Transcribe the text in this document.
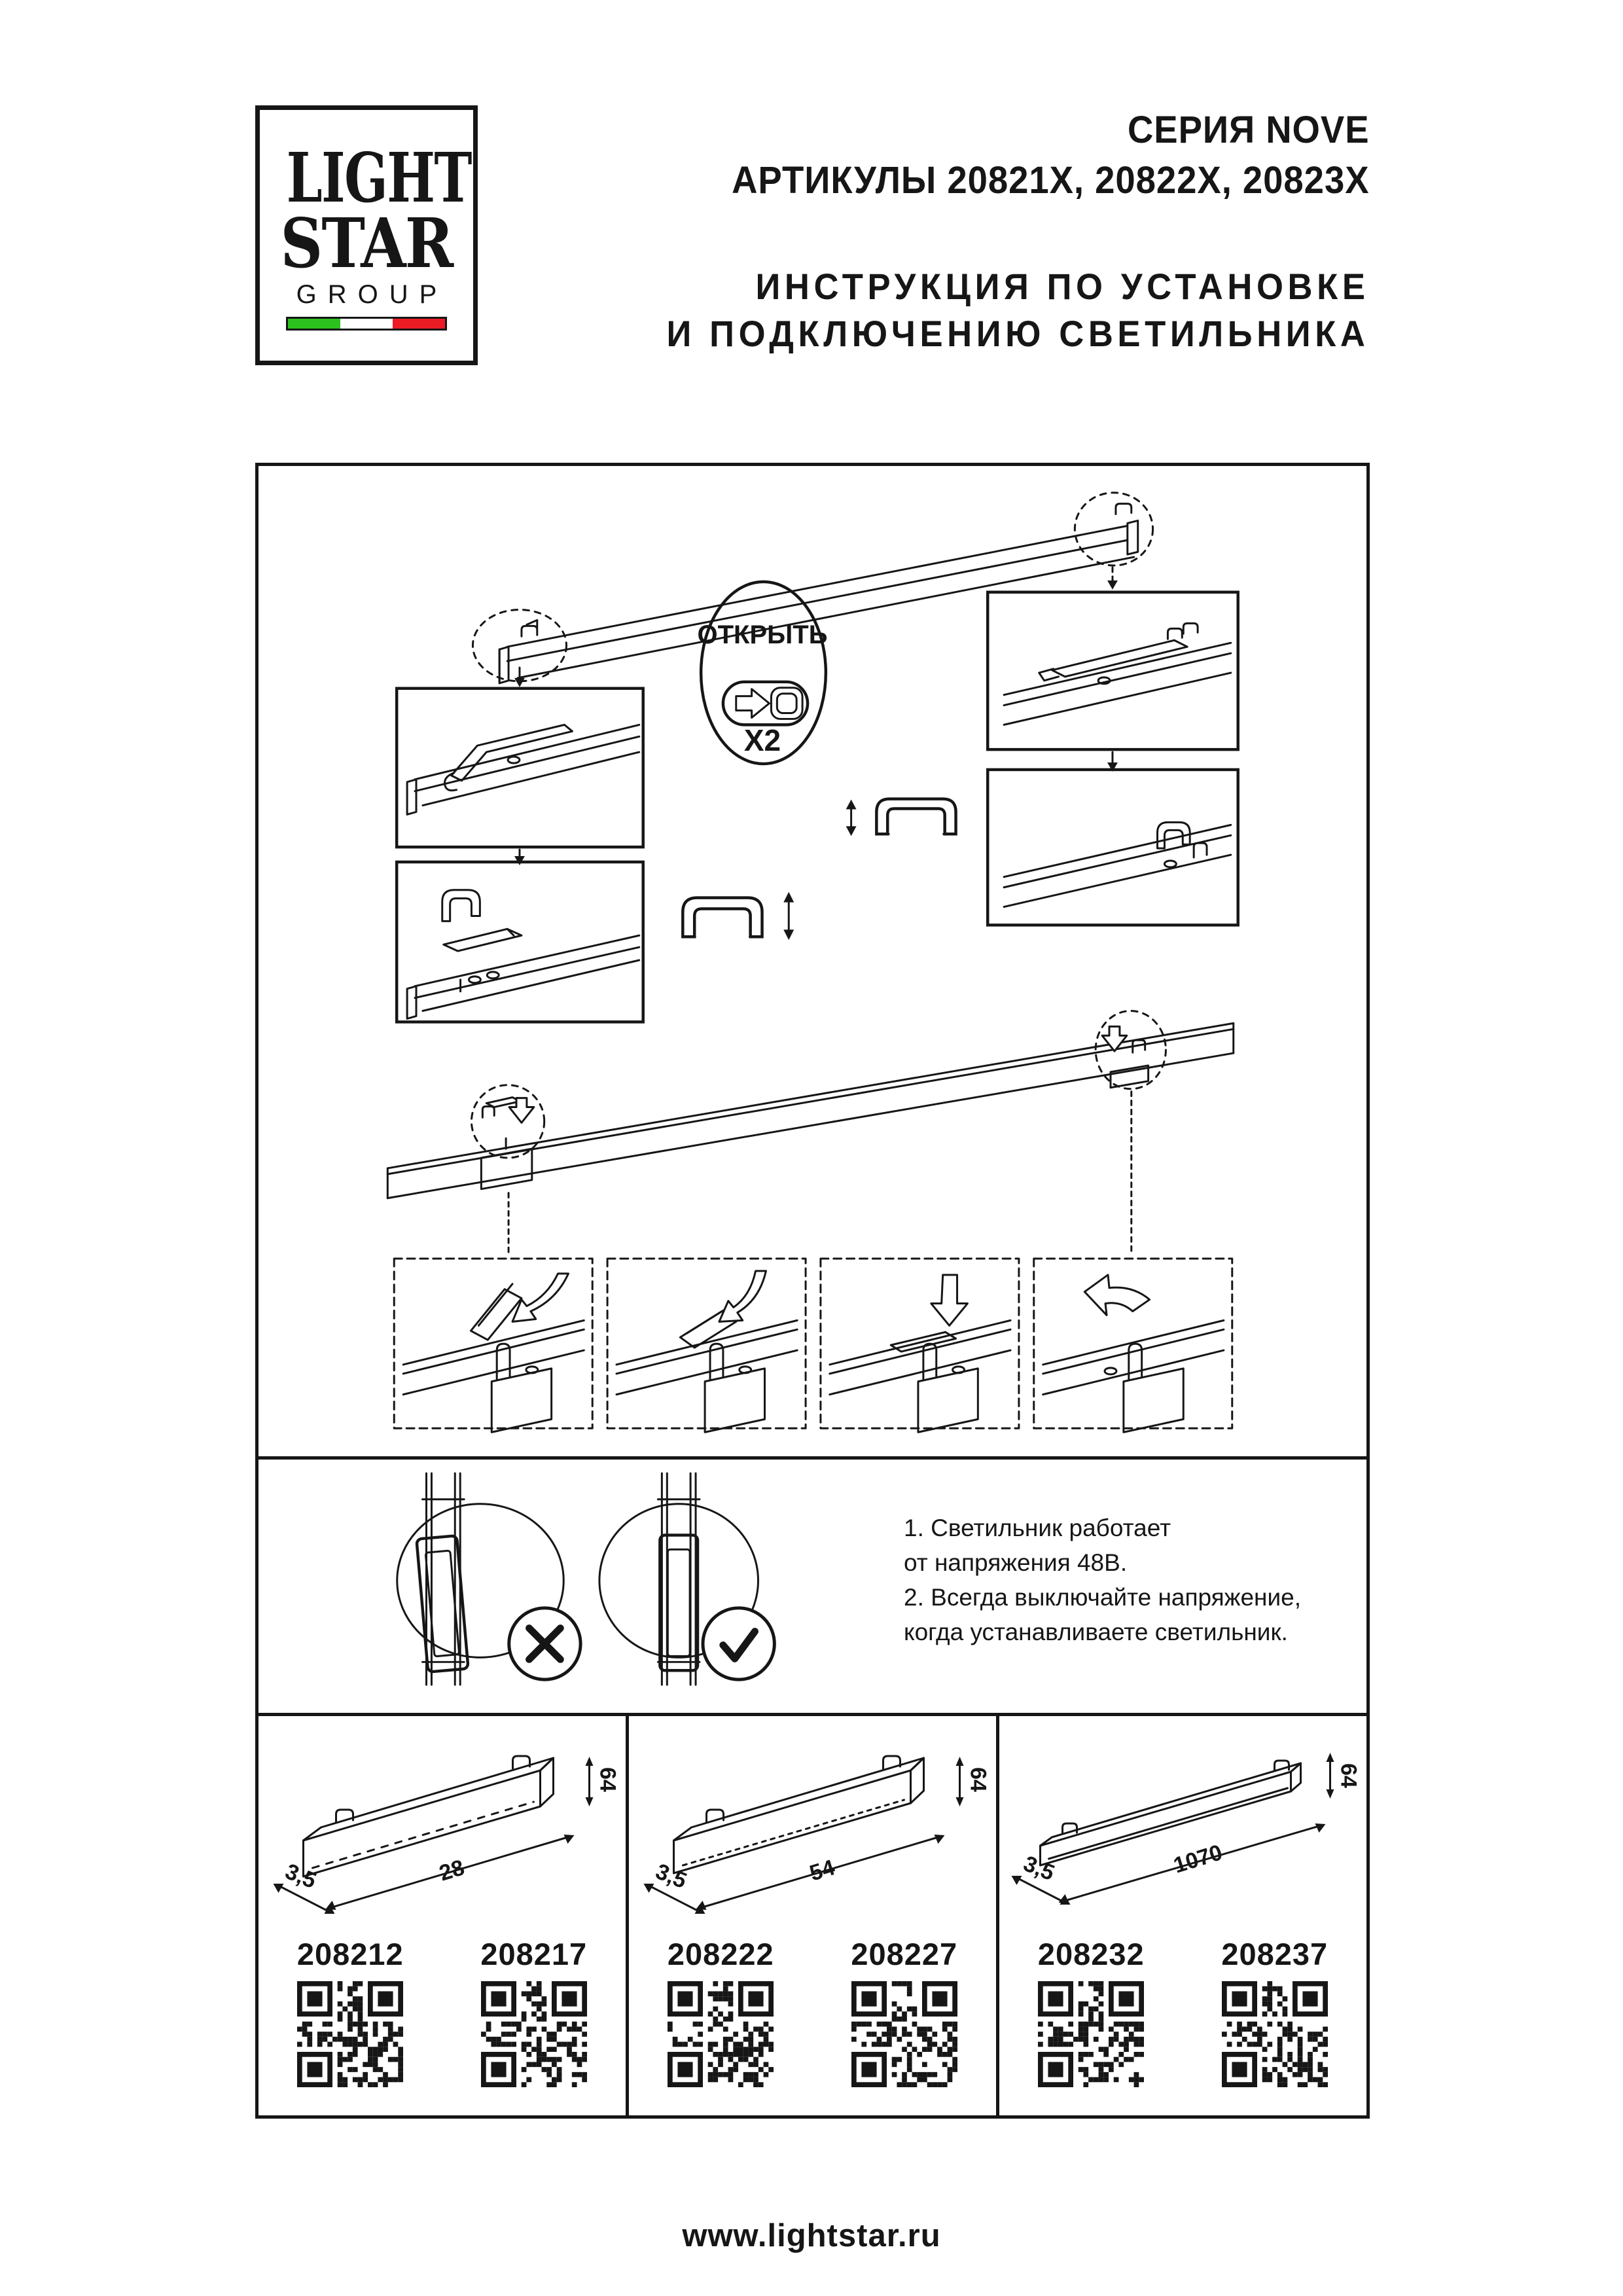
LIGHT
STAR
GROUP
СЕРИЯ NOVE
АРТИКУЛЫ 20821Х, 20822Х, 20823Х
ИНСТРУКЦИЯ ПО УСТАНОВКЕ
И ПОДКЛЮЧЕНИЮ СВЕТИЛЬНИКА
ОТКРЫТЬ
X2
1. Светильник работает
от напряжения 48В.
2. Всегда выключайте напряжение,
когда устанавливаете светильник.
64
28
3,5
208212	208217
64
54
3,5
208222	208227
64
1070
3,5
208232	208237
www.lightstar.ru
